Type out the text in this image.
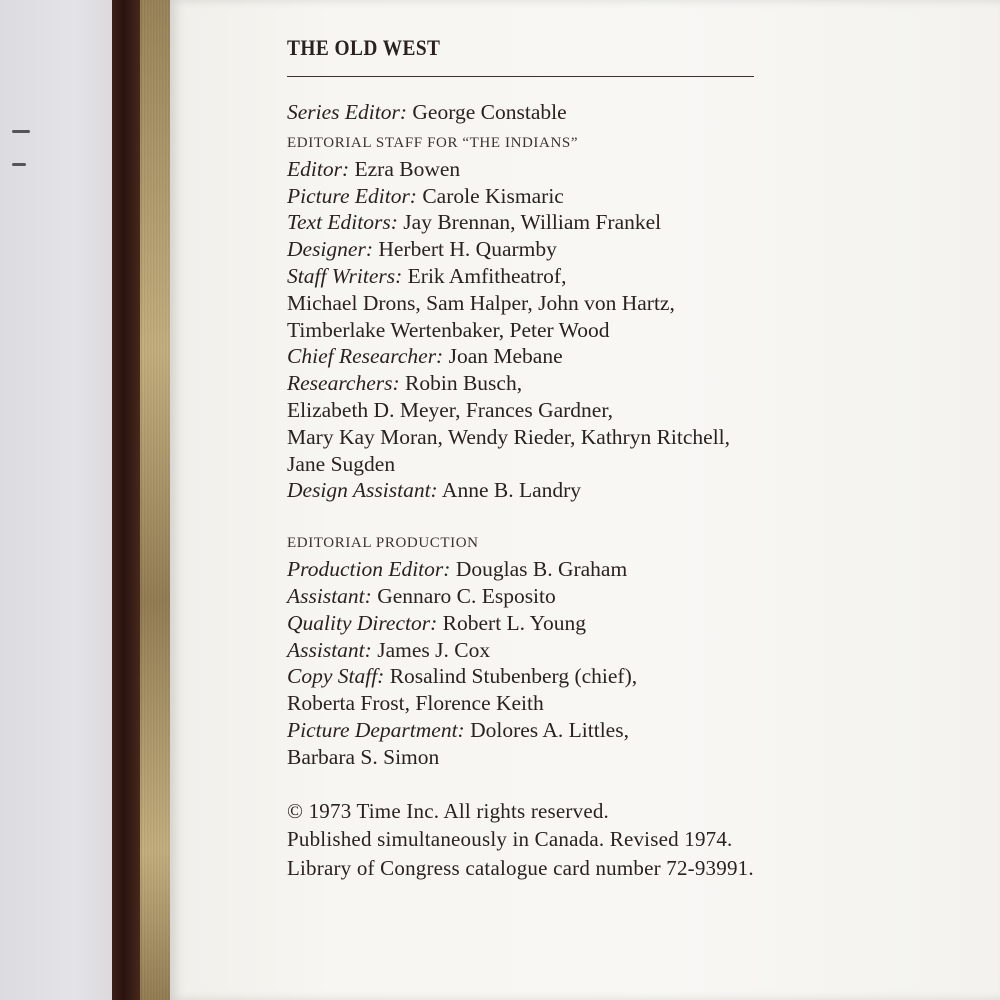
THE OLD WEST
Series Editor: George Constable
EDITORIAL STAFF FOR “THE INDIANS”
Editor: Ezra Bowen
Picture Editor: Carole Kismaric
Text Editors: Jay Brennan, William Frankel
Designer: Herbert H. Quarmby
Staff Writers: Erik Amfitheatrof,
Michael Drons, Sam Halper, John von Hartz,
Timberlake Wertenbaker, Peter Wood
Chief Researcher: Joan Mebane
Researchers: Robin Busch,
Elizabeth D. Meyer, Frances Gardner,
Mary Kay Moran, Wendy Rieder, Kathryn Ritchell,
Jane Sugden
Design Assistant: Anne B. Landry
EDITORIAL PRODUCTION
Production Editor: Douglas B. Graham
Assistant: Gennaro C. Esposito
Quality Director: Robert L. Young
Assistant: James J. Cox
Copy Staff: Rosalind Stubenberg (chief),
Roberta Frost, Florence Keith
Picture Department: Dolores A. Littles,
Barbara S. Simon
© 1973 Time Inc. All rights reserved.
Published simultaneously in Canada. Revised 1974.
Library of Congress catalogue card number 72-93991.
